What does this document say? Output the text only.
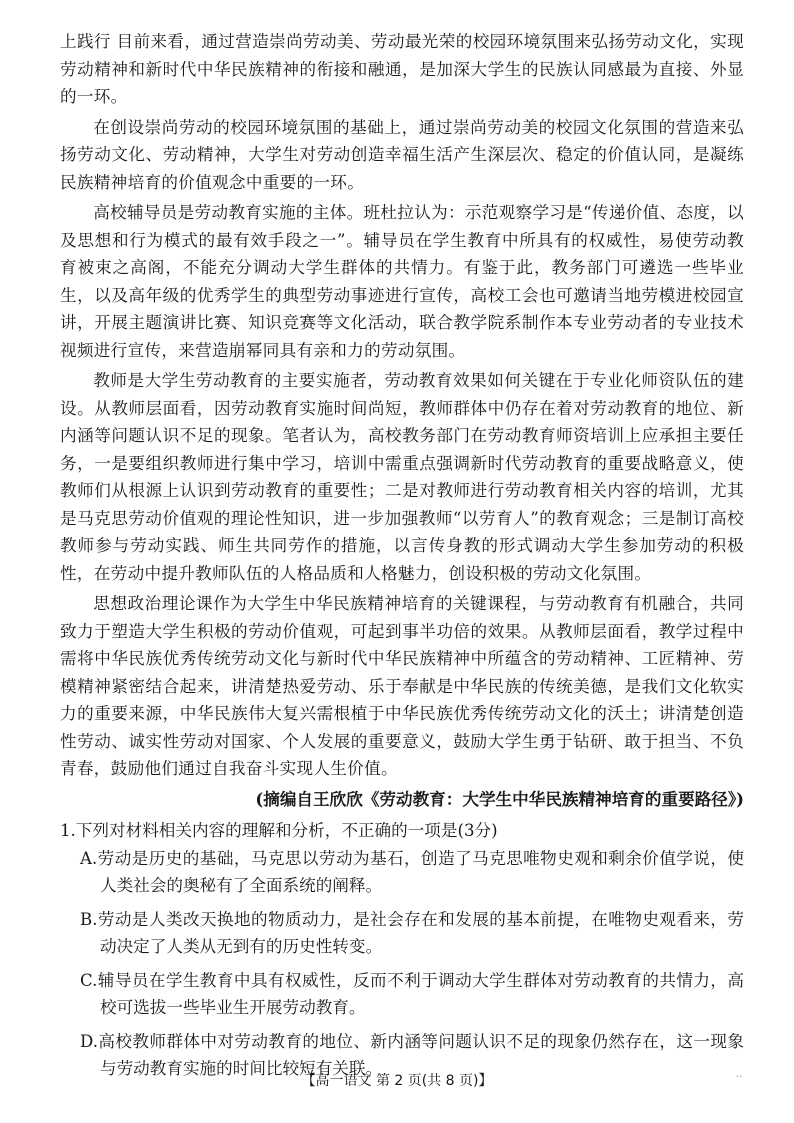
上践行 目前来看，通过营造崇尚劳动美、劳动最光荣的校园环境氛围来弘扬劳动文化，实现劳动精神和新时代中华民族精神的衔接和融通，是加深大学生的民族认同感最为直接、外显的一环。

在创设崇尚劳动的校园环境氛围的基础上，通过崇尚劳动美的校园文化氛围的营造来弘扬劳动文化、劳动精神，大学生对劳动创造幸福生活产生深层次、稳定的价值认同，是凝练民族精神培育的价值观念中重要的一环。

高校辅导员是劳动教育实施的主体。班杜拉认为：示范观察学习是“传递价值、态度，以及思想和行为模式的最有效手段之一”。辅导员在学生教育中所具有的权威性，易使劳动教育被束之高阁，不能充分调动大学生群体的共情力。有鉴于此，教务部门可遴选一些毕业生，以及高年级的优秀学生的典型劳动事迹进行宣传，高校工会也可邀请当地劳模进校园宣讲，开展主题演讲比赛、知识竞赛等文化活动，联合教学院系制作本专业劳动者的专业技术视频进行宣传，来营造崩幂同具有亲和力的劳动氛围。

教师是大学生劳动教育的主要实施者，劳动教育效果如何关键在于专业化师资队伍的建设。从教师层面看，因劳动教育实施时间尚短，教师群体中仍存在着对劳动教育的地位、新内涵等问题认识不足的现象。笔者认为，高校教务部门在劳动教育师资培训上应承担主要任务，一是要组织教师进行集中学习，培训中需重点强调新时代劳动教育的重要战略意义，使教师们从根源上认识到劳动教育的重要性；二是对教师进行劳动教育相关内容的培训，尤其是马克思劳动价值观的理论性知识，进一步加强教师“以劳育人”的教育观念；三是制订高校教师参与劳动实践、师生共同劳作的措施，以言传身教的形式调动大学生参加劳动的积极性，在劳动中提升教师队伍的人格品质和人格魅力，创设积极的劳动文化氛围。

思想政治理论课作为大学生中华民族精神培育的关键课程，与劳动教育有机融合，共同致力于塑造大学生积极的劳动价值观，可起到事半功倍的效果。从教师层面看，教学过程中需将中华民族优秀传统劳动文化与新时代中华民族精神中所蕴含的劳动精神、工匠精神、劳模精神紧密结合起来，讲清楚热爱劳动、乐于奉献是中华民族的传统美德，是我们文化软实力的重要来源，中华民族伟大复兴需根植于中华民族优秀传统劳动文化的沃土；讲清楚创造性劳动、诚实性劳动对国家、个人发展的重要意义，鼓励大学生勇于钻研、敢于担当、不负青春，鼓励他们通过自我奋斗实现人生价值。

(摘编自王欣欣《劳动教育：大学生中华民族精神培育的重要路径》)

1.下列对材料相关内容的理解和分析，不正确的一项是(3分)

A.劳动是历史的基础，马克思以劳动为基石，创造了马克思唯物史观和剩余价值学说，使人类社会的奥秘有了全面系统的阐释。

B.劳动是人类改天换地的物质动力，是社会存在和发展的基本前提，在唯物史观看来，劳动决定了人类从无到有的历史性转变。

C.辅导员在学生教育中具有权威性，反而不利于调动大学生群体对劳动教育的共情力，高校可选拔一些毕业生开展劳动教育。

D.高校教师群体中对劳动教育的地位、新内涵等问题认识不足的现象仍然存在，这一现象与劳动教育实施的时间比较短有关联。

【高一语文 第 2 页(共 8 页)】	··
